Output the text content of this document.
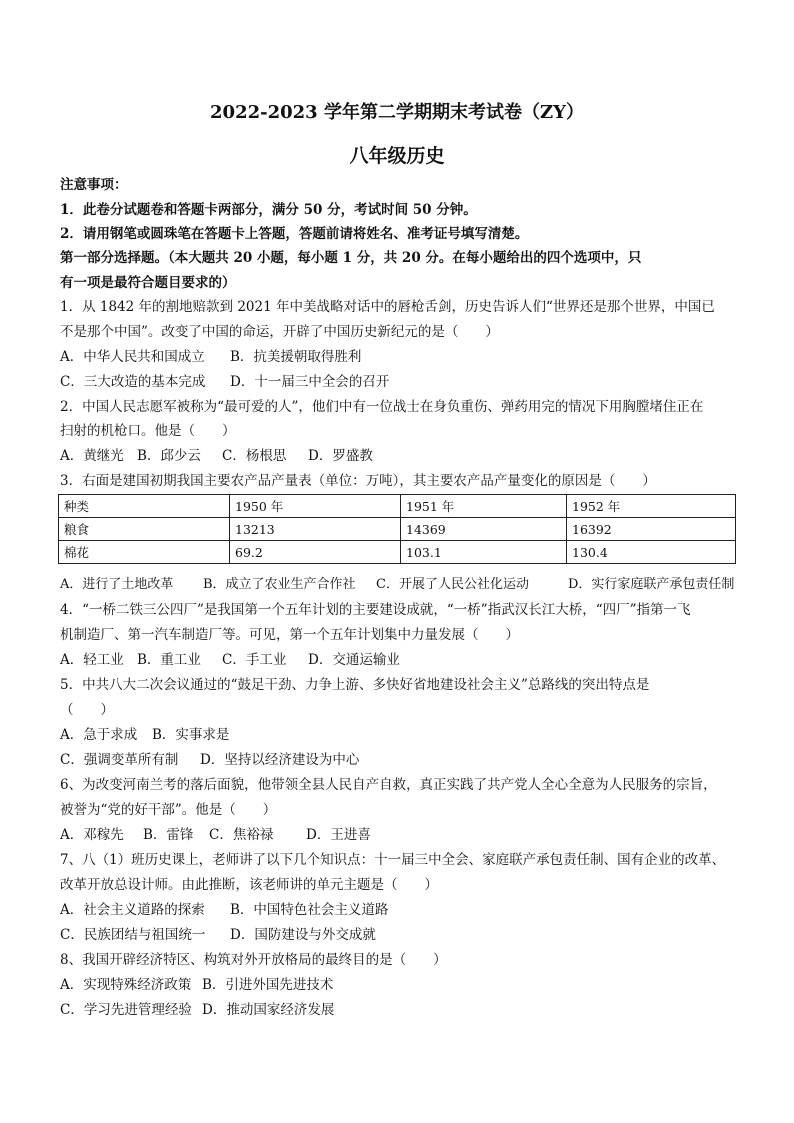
2022-2023 学年第二学期期末考试卷（ZY）
八年级历史
注意事项：
1．此卷分试题卷和答题卡两部分，满分 50 分，考试时间 50 分钟。
2．请用钢笔或圆珠笔在答题卡上答题，答题前请将姓名、准考证号填写清楚。
第一部分选择题。（本大题共 20 小题，每小题 1 分，共 20 分。在每小题给出的四个选项中，只
有一项是最符合题目要求的）
1．从 1842 年的割地赔款到 2021 年中美战略对话中的唇枪舌剑，历史告诉人们“世界还是那个世界，中国已
不是那个中国”。改变了中国的命运，开辟了中国历史新纪元的是（　　）
A．中华人民共和国成立 B．抗美援朝取得胜利
C．三大改造的基本完成 D．十一届三中全会的召开
2．中国人民志愿军被称为“最可爱的人”，他们中有一位战士在身负重伤、弹药用完的情况下用胸膛堵住正在
扫射的机枪口。他是（　　）
A．黄继光 B．邱少云 C．杨根思 D．罗盛教
3．右面是建国初期我国主要农产品产量表（单位：万吨），其主要农产品产量变化的原因是（　　）
种类	1950 年	1951 年	1952 年
粮食	13213	14369	16392
棉花	69.2	103.1	130.4
A．进行了土地改革 B．成立了农业生产合作社 C．开展了人民公社化运动	D．实行家庭联产承包责任制
4．“一桥二铁三公四厂”是我国第一个五年计划的主要建设成就，“一桥”指武汉长江大桥，“四厂”指第一飞
机制造厂、第一汽车制造厂等。可见，第一个五年计划集中力量发展（　　）
A．轻工业 B．重工业 C．手工业 D．交通运输业
5．中共八大二次会议通过的“鼓足干劲、力争上游、多快好省地建设社会主义”总路线的突出特点是
（　　）
A．急于求成 B．实事求是
C．强调变革所有制 D．坚持以经济建设为中心
6、为改变河南兰考的落后面貌，他带领全县人民自产自救，真正实践了共产党人全心全意为人民服务的宗旨，
被誉为“党的好干部”。他是（　　）
A．邓稼先 B．雷锋 C．焦裕禄 D．王进喜
7、八（1）班历史课上，老师讲了以下几个知识点：十一届三中全会、家庭联产承包责任制、国有企业的改革、
改革开放总设计师。由此推断，该老师讲的单元主题是（　　）
A．社会主义道路的探索 B．中国特色社会主义道路
C．民族团结与祖国统一 D．国防建设与外交成就
8、我国开辟经济特区、构筑对外开放格局的最终目的是（　　）
A．实现特殊经济政策 B．引进外国先进技术
C．学习先进管理经验 D．推动国家经济发展
